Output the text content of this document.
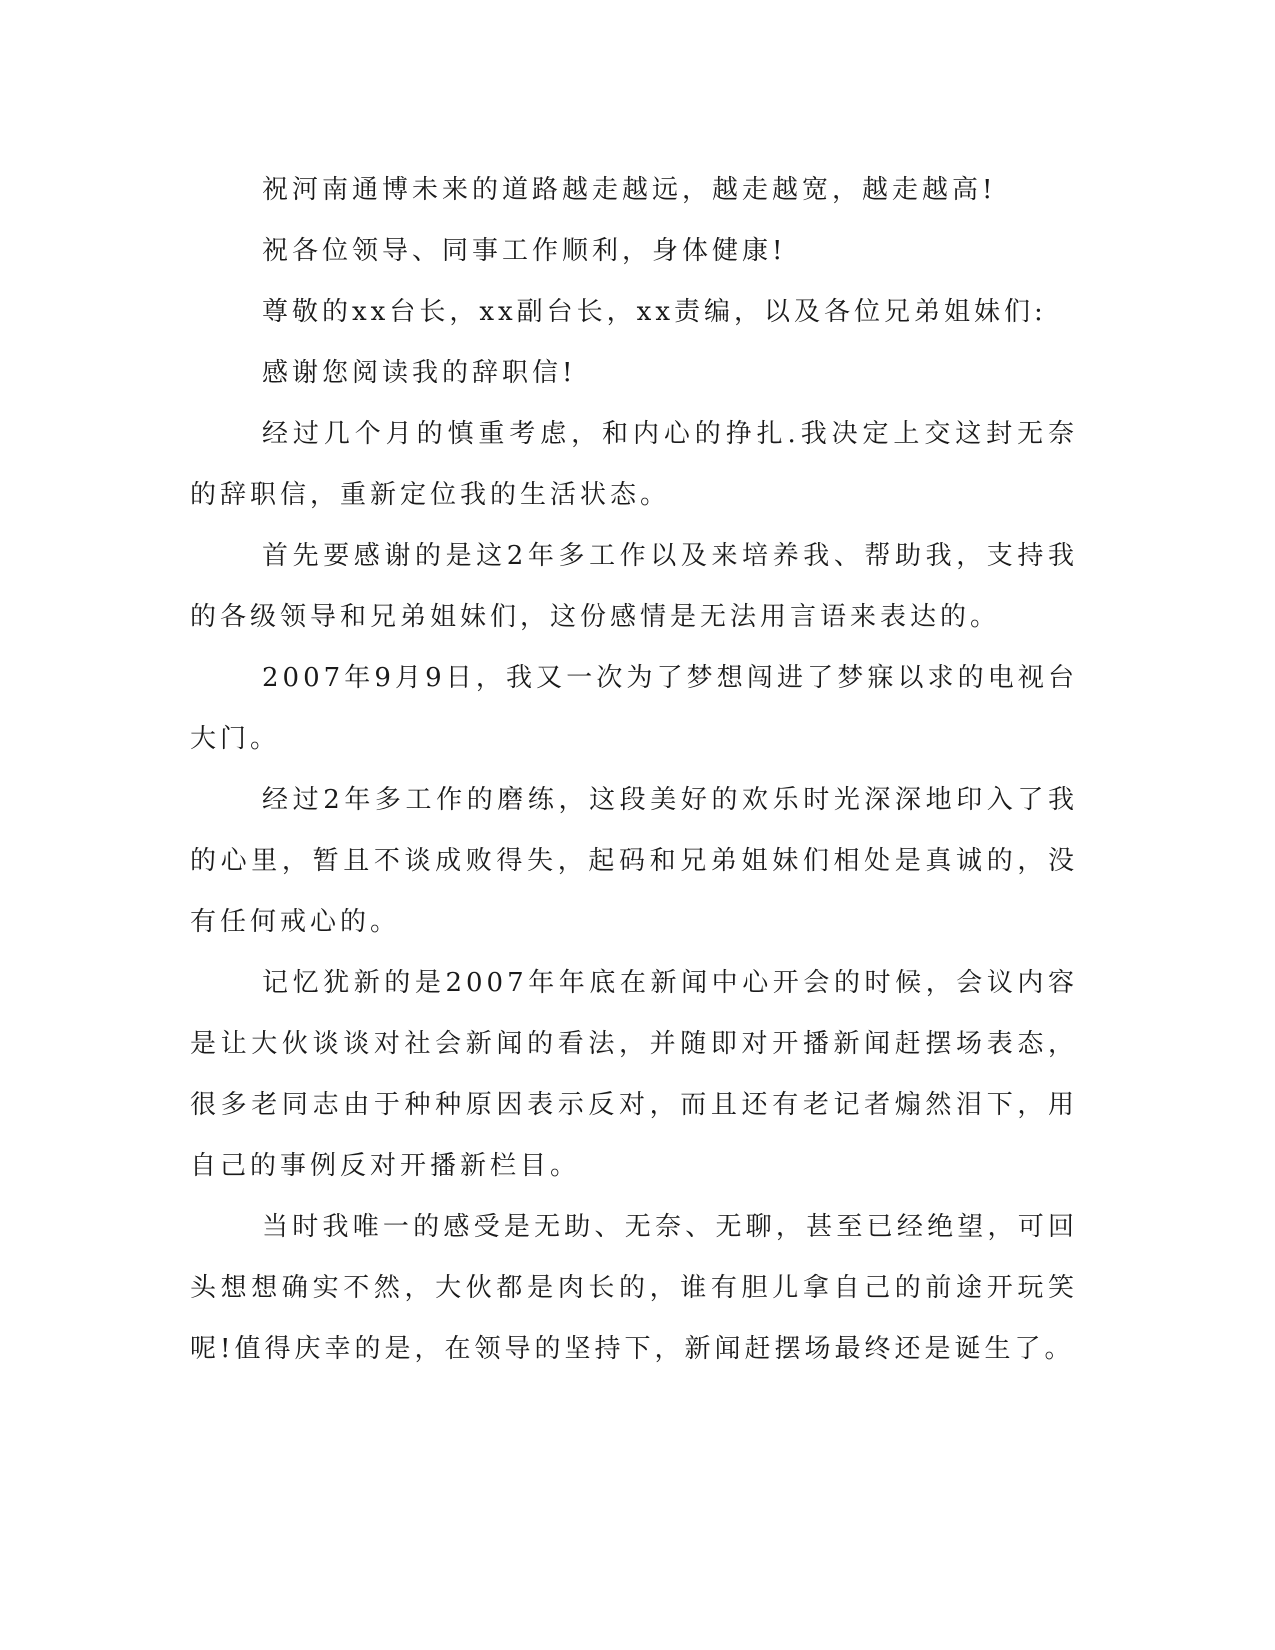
祝河南通博未来的道路越走越远，越走越宽，越走越高!

祝各位领导、同事工作顺利，身体健康!

尊敬的xx台长，xx副台长，xx责编，以及各位兄弟姐妹们:

感谢您阅读我的辞职信!

经过几个月的慎重考虑，和内心的挣扎.我决定上交这封无奈的辞职信，重新定位我的生活状态。

首先要感谢的是这2年多工作以及来培养我、帮助我，支持我的各级领导和兄弟姐妹们，这份感情是无法用言语来表达的。

2007年9月9日，我又一次为了梦想闯进了梦寐以求的电视台大门。

经过2年多工作的磨练，这段美好的欢乐时光深深地印入了我的心里，暂且不谈成败得失，起码和兄弟姐妹们相处是真诚的，没有任何戒心的。

记忆犹新的是2007年年底在新闻中心开会的时候，会议内容是让大伙谈谈对社会新闻的看法，并随即对开播新闻赶摆场表态，很多老同志由于种种原因表示反对，而且还有老记者煽然泪下，用自己的事例反对开播新栏目。

当时我唯一的感受是无助、无奈、无聊，甚至已经绝望，可回头想想确实不然，大伙都是肉长的，谁有胆儿拿自己的前途开玩笑呢!值得庆幸的是，在领导的坚持下，新闻赶摆场最终还是诞生了。
